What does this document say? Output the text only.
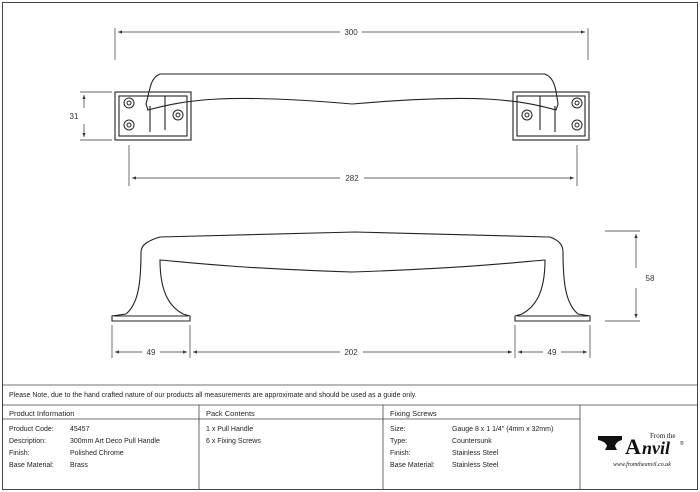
300
31
282
58
49	202	49
Please Note, due to the hand crafted nature of our products all measurements are approximate and should be used as a guide only.
Product Information
Product Code: 45457
Description:	300mm Art Deco Pull Handle
Finish:	Polished Chrome
Base Material: Brass
Pack Contents
1 x Pull Handle
6 x Fixing Screws
Fixing Screws
Size:	Gauge 8 x 1 1/4" (4mm x 32mm)
Type:	Countersunk
Finish:	Stainless Steel
Base Material: Stainless Steel
From the
A nvil ®
www.fromtheanvil.co.uk
